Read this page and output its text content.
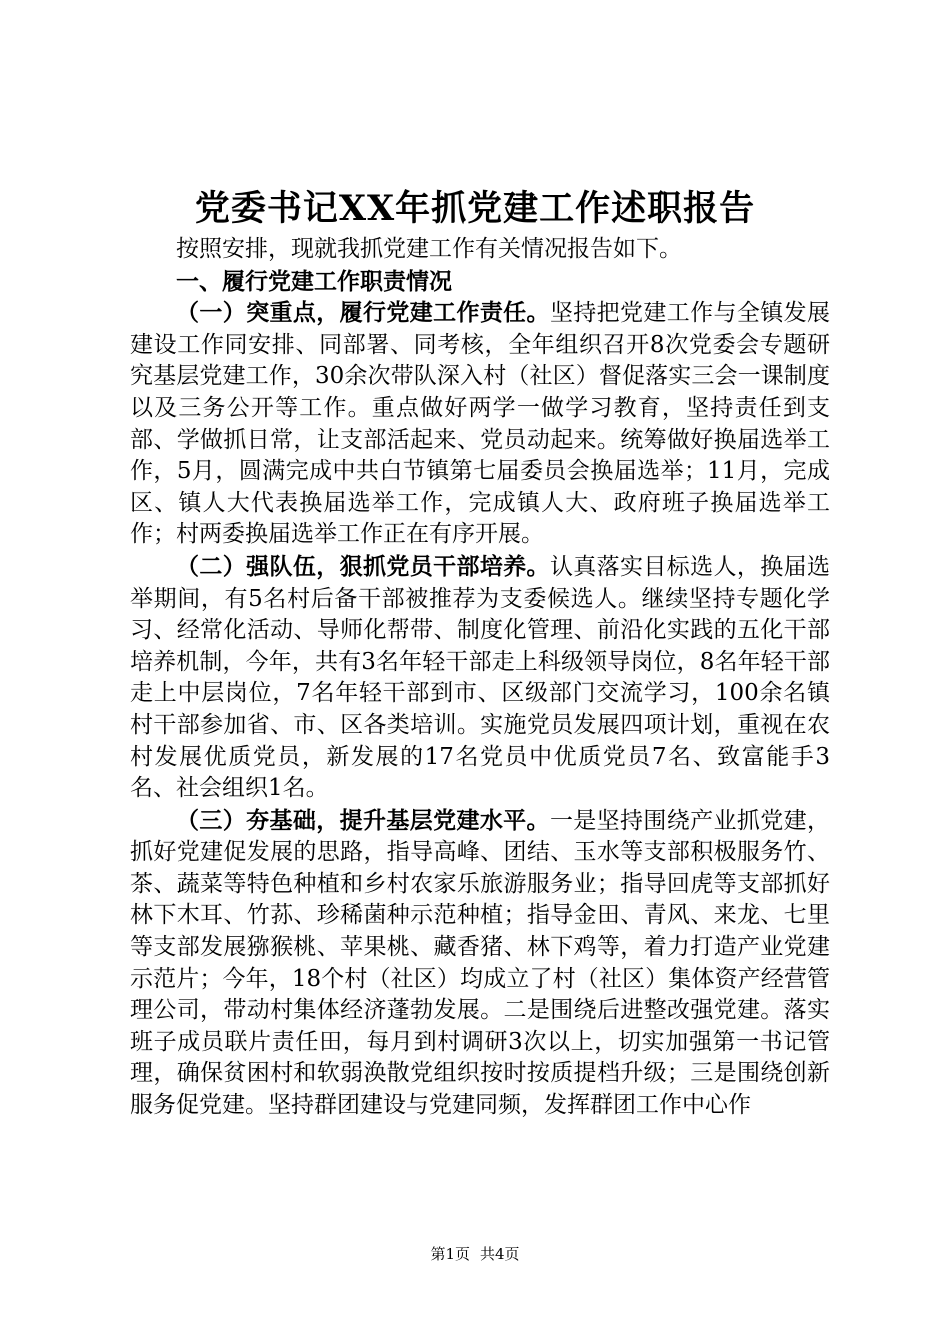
党委书记XX年抓党建工作述职报告

按照安排，现就我抓党建工作有关情况报告如下。

一、履行党建工作职责情况

（一）突重点，履行党建工作责任。坚持把党建工作与全镇发展建设工作同安排、同部署、同考核，全年组织召开8次党委会专题研究基层党建工作，30余次带队深入村（社区）督促落实三会一课制度以及三务公开等工作。重点做好两学一做学习教育，坚持责任到支部、学做抓日常，让支部活起来、党员动起来。统筹做好换届选举工作，5月，圆满完成中共白节镇第七届委员会换届选举；11月，完成区、镇人大代表换届选举工作，完成镇人大、政府班子换届选举工作；村两委换届选举工作正在有序开展。

（二）强队伍，狠抓党员干部培养。认真落实目标选人，换届选举期间，有5名村后备干部被推荐为支委候选人。继续坚持专题化学习、经常化活动、导师化帮带、制度化管理、前沿化实践的五化干部培养机制，今年，共有3名年轻干部走上科级领导岗位，8名年轻干部走上中层岗位，7名年轻干部到市、区级部门交流学习，100余名镇村干部参加省、市、区各类培训。实施党员发展四项计划，重视在农村发展优质党员，新发展的17名党员中优质党员7名、致富能手3名、社会组织1名。

（三）夯基础，提升基层党建水平。一是坚持围绕产业抓党建，抓好党建促发展的思路，指导高峰、团结、玉水等支部积极服务竹、茶、蔬菜等特色种植和乡村农家乐旅游服务业；指导回虎等支部抓好林下木耳、竹荪、珍稀菌种示范种植；指导金田、青风、来龙、七里等支部发展猕猴桃、苹果桃、藏香猪、林下鸡等，着力打造产业党建示范片；今年，18个村（社区）均成立了村（社区）集体资产经营管理公司，带动村集体经济蓬勃发展。二是围绕后进整改强党建。落实班子成员联片责任田，每月到村调研3次以上，切实加强第一书记管理，确保贫困村和软弱涣散党组织按时按质提档升级；三是围绕创新服务促党建。坚持群团建设与党建同频，发挥群团工作中心作

第1页 共4页
